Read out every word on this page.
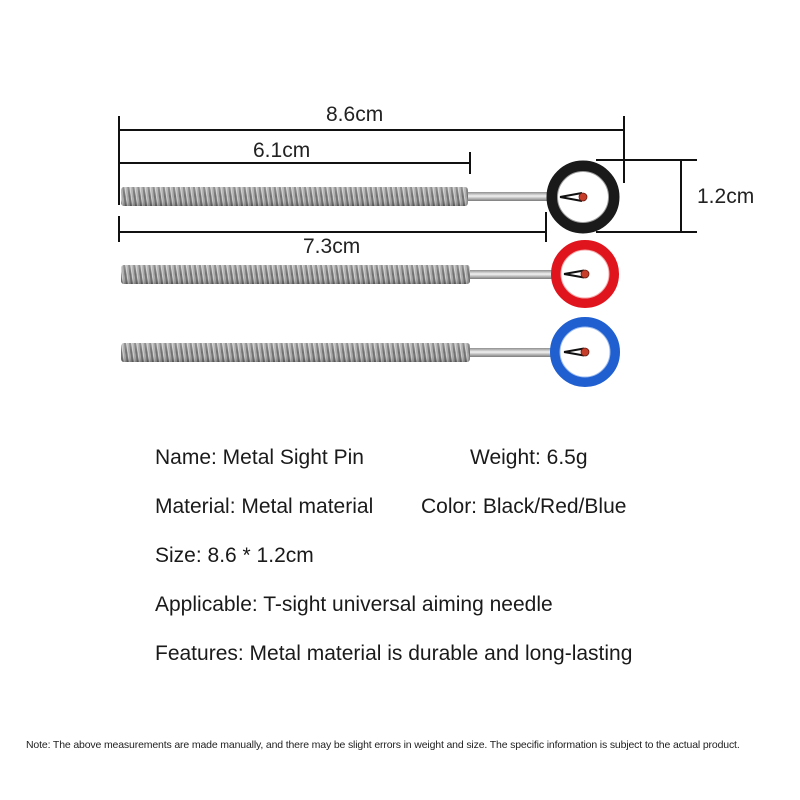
8.6cm
6.1cm
7.3cm
1.2cm
Name: Metal Sight Pin	Weight: 6.5g
Material: Metal material Color: Black/Red/Blue
Size: 8.6 * 1.2cm
Applicable: T-sight universal aiming needle
Features: Metal material is durable and long-lasting
Note: The above measurements are made manually, and there may be slight errors in weight and size. The specific information is subject to the actual product.
